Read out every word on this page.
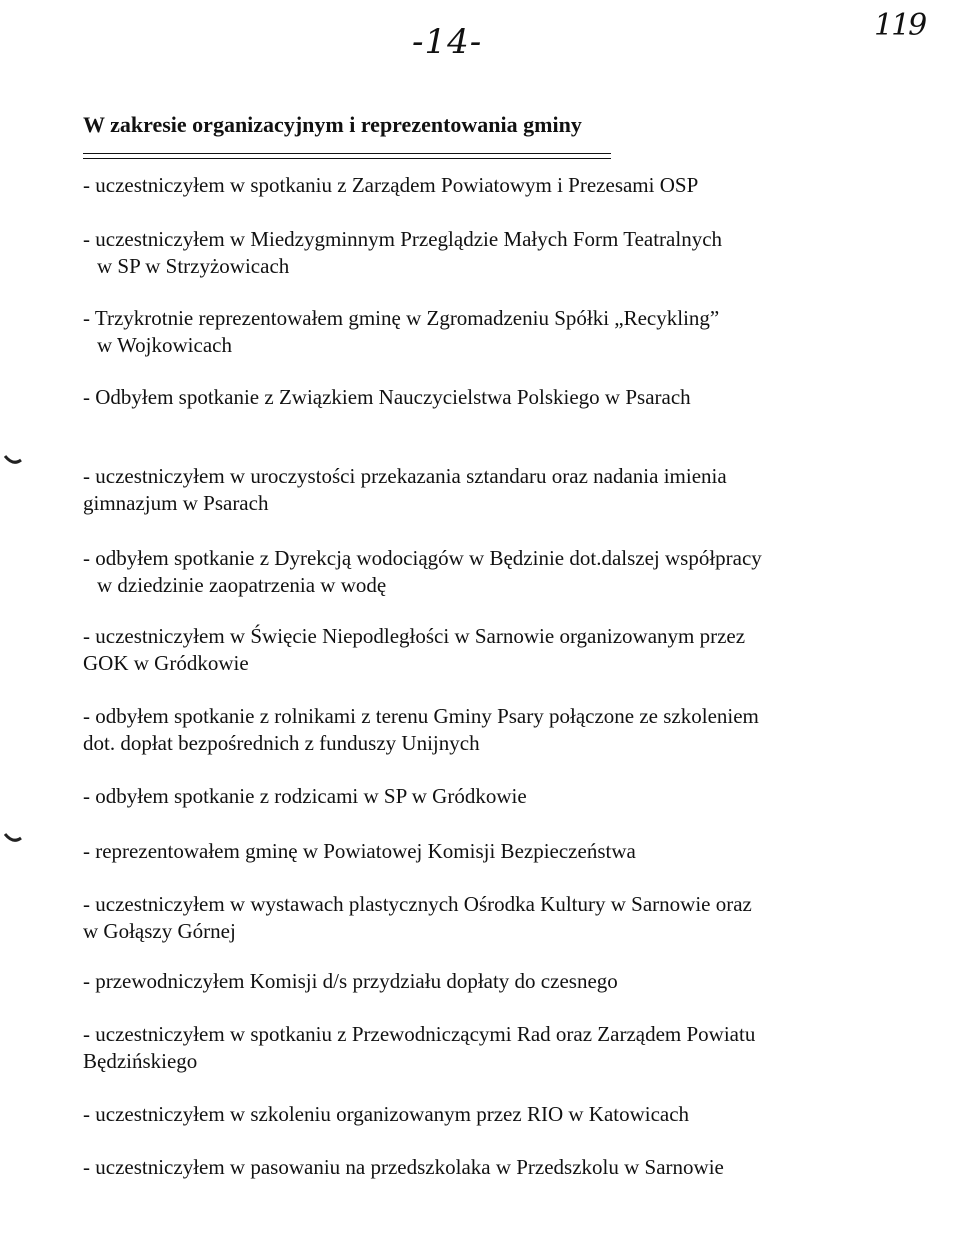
-14-	119
W zakresie organizacyjnym i reprezentowania gminy
- uczestniczyłem w spotkaniu z Zarządem Powiatowym i Prezesami OSP
- uczestniczyłem w Miedzygminnym Przeglądzie Małych Form Teatralnych
w SP w Strzyżowicach
- Trzykrotnie reprezentowałem gminę w Zgromadzeniu Spółki „Recykling”
w Wojkowicach
- Odbyłem spotkanie z Związkiem Nauczycielstwa Polskiego w Psarach
- uczestniczyłem w uroczystości przekazania sztandaru oraz nadania imienia
gimnazjum w Psarach
- odbyłem spotkanie z Dyrekcją wodociągów w Będzinie dot.dalszej współpracy
w dziedzinie zaopatrzenia w wodę
- uczestniczyłem w Święcie Niepodległości w Sarnowie organizowanym przez
GOK w Gródkowie
- odbyłem spotkanie z rolnikami z terenu Gminy Psary połączone ze szkoleniem
dot. dopłat bezpośrednich z funduszy Unijnych
- odbyłem spotkanie z rodzicami w SP w Gródkowie
- reprezentowałem gminę w Powiatowej Komisji Bezpieczeństwa
- uczestniczyłem w wystawach plastycznych Ośrodka Kultury w Sarnowie oraz
w Gołąszy Górnej
- przewodniczyłem Komisji d/s przydziału dopłaty do czesnego
- uczestniczyłem w spotkaniu z Przewodniczącymi Rad oraz Zarządem Powiatu
Będzińskiego
- uczestniczyłem w szkoleniu organizowanym przez RIO w Katowicach
- uczestniczyłem w pasowaniu na przedszkolaka w Przedszkolu w Sarnowie
